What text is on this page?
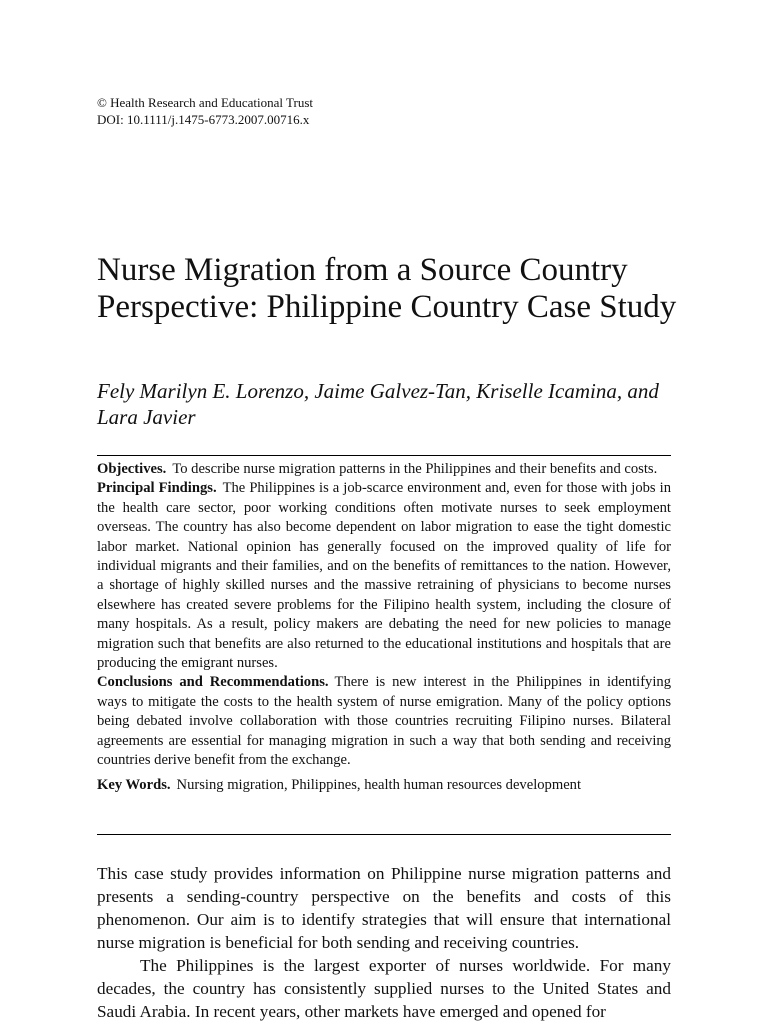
© Health Research and Educational Trust
DOI: 10.1111/j.1475-6773.2007.00716.x
Nurse Migration from a Source Country Perspective: Philippine Country Case Study
Fely Marilyn E. Lorenzo, Jaime Galvez-Tan, Kriselle Icamina, and Lara Javier

Objectives. To describe nurse migration patterns in the Philippines and their benefits and costs.

Principal Findings. The Philippines is a job-scarce environment and, even for those with jobs in the health care sector, poor working conditions often motivate nurses to seek employment overseas. The country has also become dependent on labor migration to ease the tight domestic labor market. National opinion has generally focused on the improved quality of life for individual migrants and their families, and on the benefits of remittances to the nation. However, a shortage of highly skilled nurses and the massive retraining of physicians to become nurses elsewhere has created severe problems for the Filipino health system, including the closure of many hospitals. As a result, policy makers are debating the need for new policies to manage migration such that benefits are also returned to the educational institutions and hospitals that are producing the emigrant nurses.

Conclusions and Recommendations. There is new interest in the Philippines in identifying ways to mitigate the costs to the health system of nurse emigration. Many of the policy options being debated involve collaboration with those countries recruiting Filipino nurses. Bilateral agreements are essential for managing migration in such a way that both sending and receiving countries derive benefit from the exchange.

Key Words. Nursing migration, Philippines, health human resources development

This case study provides information on Philippine nurse migration patterns and presents a sending-country perspective on the benefits and costs of this phenomenon. Our aim is to identify strategies that will ensure that international nurse migration is beneficial for both sending and receiving countries.

The Philippines is the largest exporter of nurses worldwide. For many decades, the country has consistently supplied nurses to the United States and Saudi Arabia. In recent years, other markets have emerged and opened for
